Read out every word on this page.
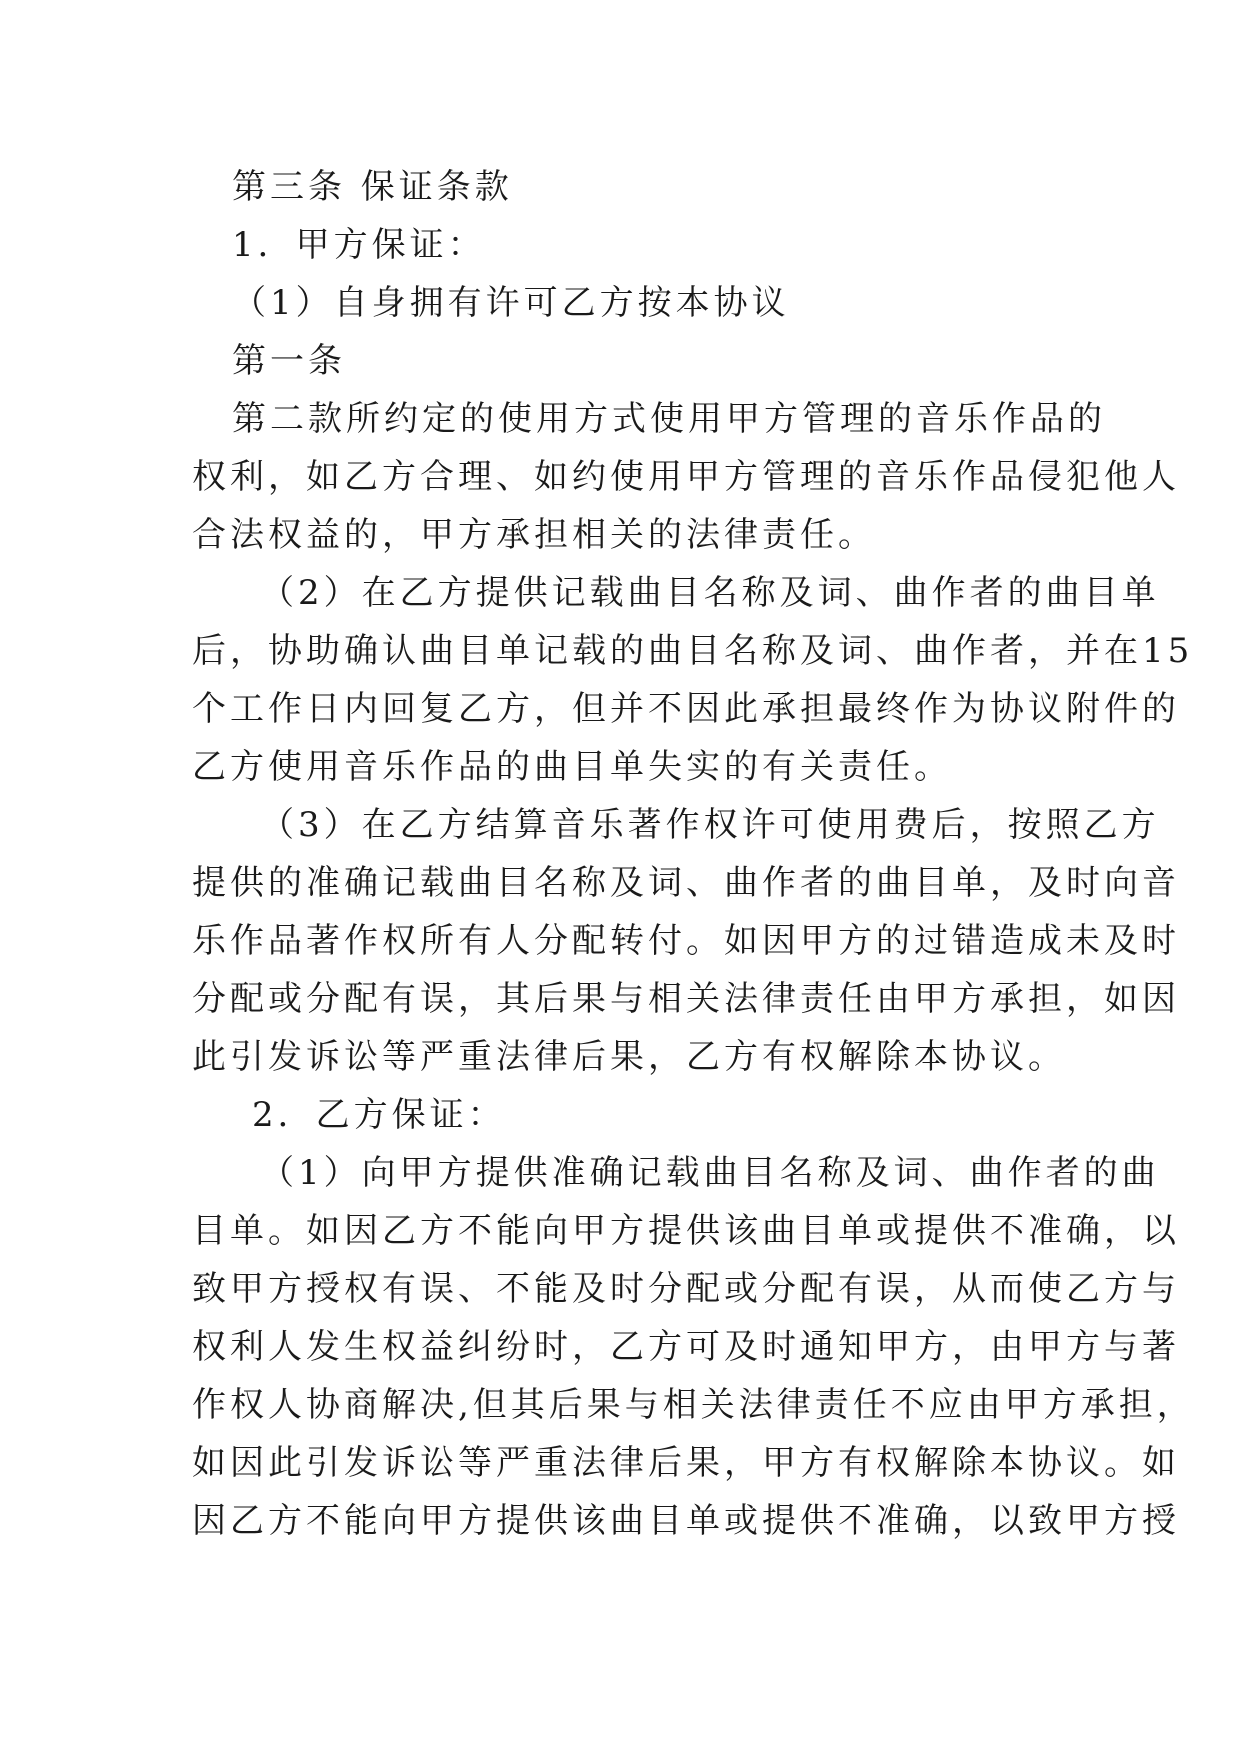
第三条 保证条款
1．甲方保证：
（1）自身拥有许可乙方按本协议
第一条
第二款所约定的使用方式使用甲方管理的音乐作品的
权利，如乙方合理、如约使用甲方管理的音乐作品侵犯他人
合法权益的，甲方承担相关的法律责任。
（2）在乙方提供记载曲目名称及词、曲作者的曲目单
后，协助确认曲目单记载的曲目名称及词、曲作者，并在15
个工作日内回复乙方，但并不因此承担最终作为协议附件的
乙方使用音乐作品的曲目单失实的有关责任。
（3）在乙方结算音乐著作权许可使用费后，按照乙方
提供的准确记载曲目名称及词、曲作者的曲目单，及时向音
乐作品著作权所有人分配转付。如因甲方的过错造成未及时
分配或分配有误，其后果与相关法律责任由甲方承担，如因
此引发诉讼等严重法律后果，乙方有权解除本协议。
2．乙方保证：
（1）向甲方提供准确记载曲目名称及词、曲作者的曲
目单。如因乙方不能向甲方提供该曲目单或提供不准确，以
致甲方授权有误、不能及时分配或分配有误，从而使乙方与
权利人发生权益纠纷时，乙方可及时通知甲方，由甲方与著
作权人协商解决,但其后果与相关法律责任不应由甲方承担，
如因此引发诉讼等严重法律后果，甲方有权解除本协议。如
因乙方不能向甲方提供该曲目单或提供不准确，以致甲方授
